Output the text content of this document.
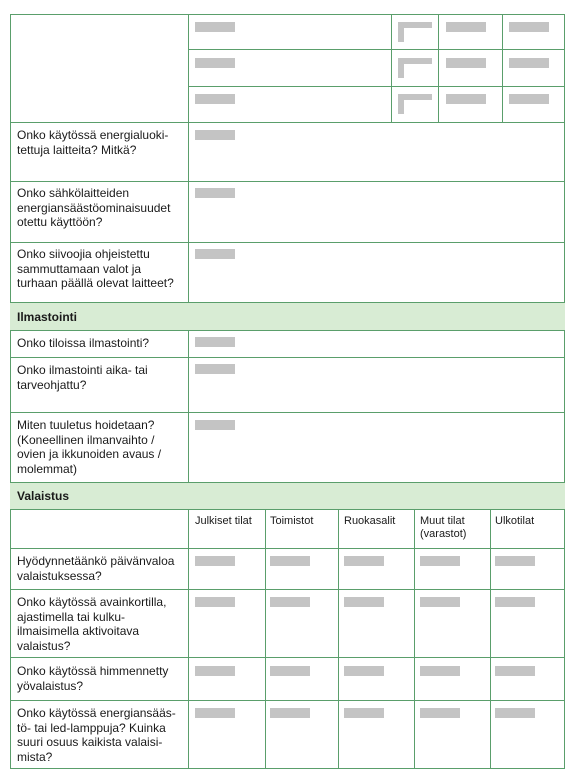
Onko käytössä energialuoki-
tettuja laitteita? Mitkä?
Onko sähkölaitteiden
energiansäästöominaisuudet
otettu käyttöön?
Onko siivoojia ohjeistettu
sammuttamaan valot ja
turhaan päällä olevat laitteet?
Ilmastointi
Onko tiloissa ilmastointi?
Onko ilmastointi aika- tai
tarveohjattu?
Miten tuuletus hoidetaan?
(Koneellinen ilmanvaihto /
ovien ja ikkunoiden avaus /
molemmat)
Valaistus
Julkiset tilat Toimistot	Ruokasalit Muut tilat
(varastot)
Ulkotilat
Hyödynnetäänkö päivänvaloa
valaistuksessa?
Onko käytössä avainkortilla,
ajastimella tai kulku-
ilmaisimella aktivoitava
valaistus?
Onko käytössä himmennetty
yövalaistus?
Onko käytössä energiansääs-
tö- tai led-lamppuja? Kuinka
suuri osuus kaikista valaisi-
mista?
